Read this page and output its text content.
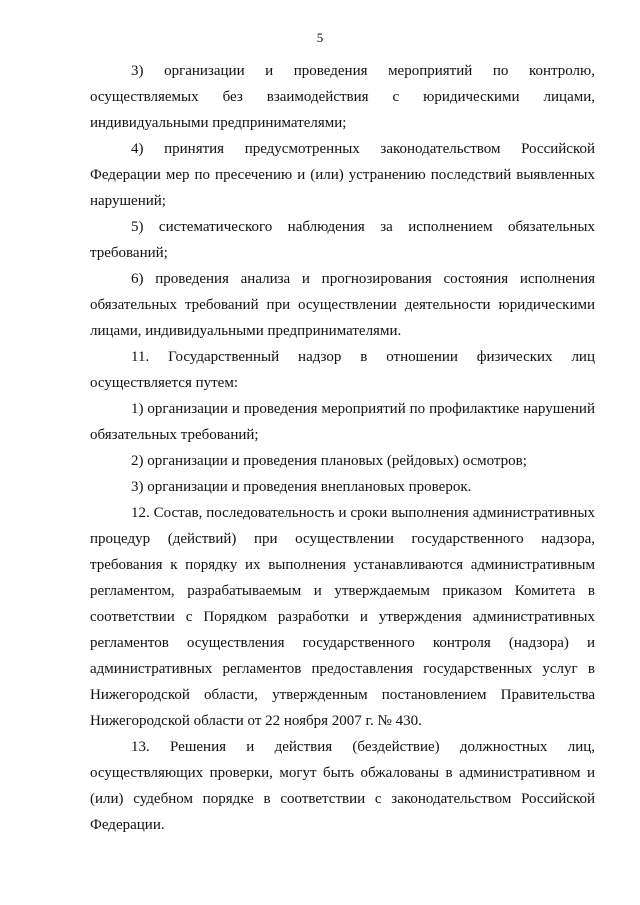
5

3) организации и проведения мероприятий по контролю, осуществляемых без взаимодействия с юридическими лицами, индивидуальными предпринимателями;

4) принятия предусмотренных законодательством Российской Федерации мер по пресечению и (или) устранению последствий выявленных нарушений;

5) систематического наблюдения за исполнением обязательных требований;

6) проведения анализа и прогнозирования состояния исполнения обязательных требований при осуществлении деятельности юридическими лицами, индивидуальными предпринимателями.

11. Государственный надзор в отношении физических лиц осуществляется путем:

1) организации и проведения мероприятий по профилактике нарушений обязательных требований;

2) организации и проведения плановых (рейдовых) осмотров;

3) организации и проведения внеплановых проверок.

12. Состав, последовательность и сроки выполнения административных процедур (действий) при осуществлении государственного надзора, требования к порядку их выполнения устанавливаются административным регламентом, разрабатываемым и утверждаемым приказом Комитета в соответствии с Порядком разработки и утверждения административных регламентов осуществления государственного контроля (надзора) и административных регламентов предоставления государственных услуг в Нижегородской области, утвержденным постановлением Правительства Нижегородской области от 22 ноября 2007 г. № 430.

13. Решения и действия (бездействие) должностных лиц, осуществляющих проверки, могут быть обжалованы в административном и (или) судебном порядке в соответствии с законодательством Российской Федерации.
